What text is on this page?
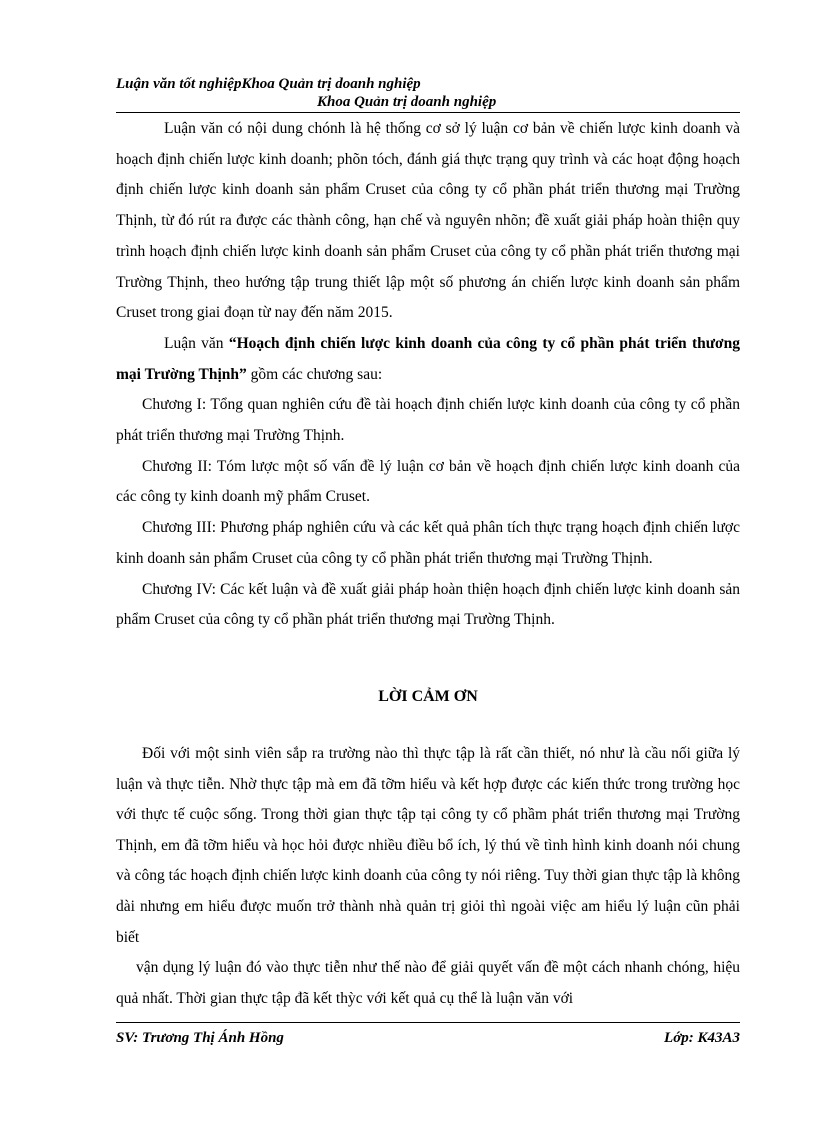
Luận văn tốt nghiệpKhoa Quản trị doanh nghiệp
Khoa Quản trị doanh nghiệp

Luận văn có nội dung chónh là hệ thống cơ sở lý luận cơ bản về chiến lược kinh doanh và hoạch định chiến lược kinh doanh; phõn tóch, đánh giá thực trạng quy trình và các hoạt động hoạch định chiến lược kinh doanh sản phẩm Cruset của công ty cổ phần phát triển thương mại Trường Thịnh, từ đó rút ra được các thành công, hạn chế và nguyên nhõn; đề xuất giải pháp hoàn thiện quy trình hoạch định chiến lược kinh doanh sản phẩm Cruset của công ty cổ phần phát triển thương mại Trường Thịnh, theo hướng tập trung thiết lập một số phương án chiến lược kinh doanh sản phẩm Cruset trong giai đoạn từ nay đến năm 2015.

Luận văn “Hoạch định chiến lược kinh doanh của công ty cổ phần phát triển thương mại Trường Thịnh” gồm các chương sau:

Chương I: Tổng quan nghiên cứu đề tài hoạch định chiến lược kinh doanh của công ty cổ phần phát triển thương mại Trường Thịnh.

Chương II: Tóm lược một số vấn đề lý luận cơ bản về hoạch định chiến lược kinh doanh của các công ty kinh doanh mỹ phẩm Cruset.

Chương III: Phương pháp nghiên cứu và các kết quả phân tích thực trạng hoạch định chiến lược kinh doanh sản phẩm Cruset của công ty cổ phần phát triển thương mại Trường Thịnh.

Chương IV: Các kết luận và đề xuất giải pháp hoàn thiện hoạch định chiến lược kinh doanh sản phẩm Cruset của công ty cổ phần phát triển thương mại Trường Thịnh.

LỜI CẢM ƠN

Đối với một sinh viên sắp ra trường nào thì thực tập là rất cần thiết, nó như là cầu nối giữa lý luận và thực tiễn. Nhờ thực tập mà em đã tỡm hiểu và kết hợp được các kiến thức trong trường học với thực tế cuộc sống. Trong thời gian thực tập tại công ty cổ phầm phát triển thương mại Trường Thịnh, em đã tỡm hiểu và học hỏi được nhiều điều bổ ích, lý thú về tình hình kinh doanh nói chung và công tác hoạch định chiến lược kinh doanh của công ty nói riêng. Tuy thời gian thực tập là không dài nhưng em hiểu được muốn trở thành nhà quản trị giỏi thì ngoài việc am hiểu lý luận cũn phải biết

vận dụng lý luận đó vào thực tiễn như thế nào để giải quyết vấn đề một cách nhanh chóng, hiệu quả nhất. Thời gian thực tập đã kết thỳc với kết quả cụ thể là luận văn với

SV: Trương Thị Ánh Hồng	Lớp: K43A3
